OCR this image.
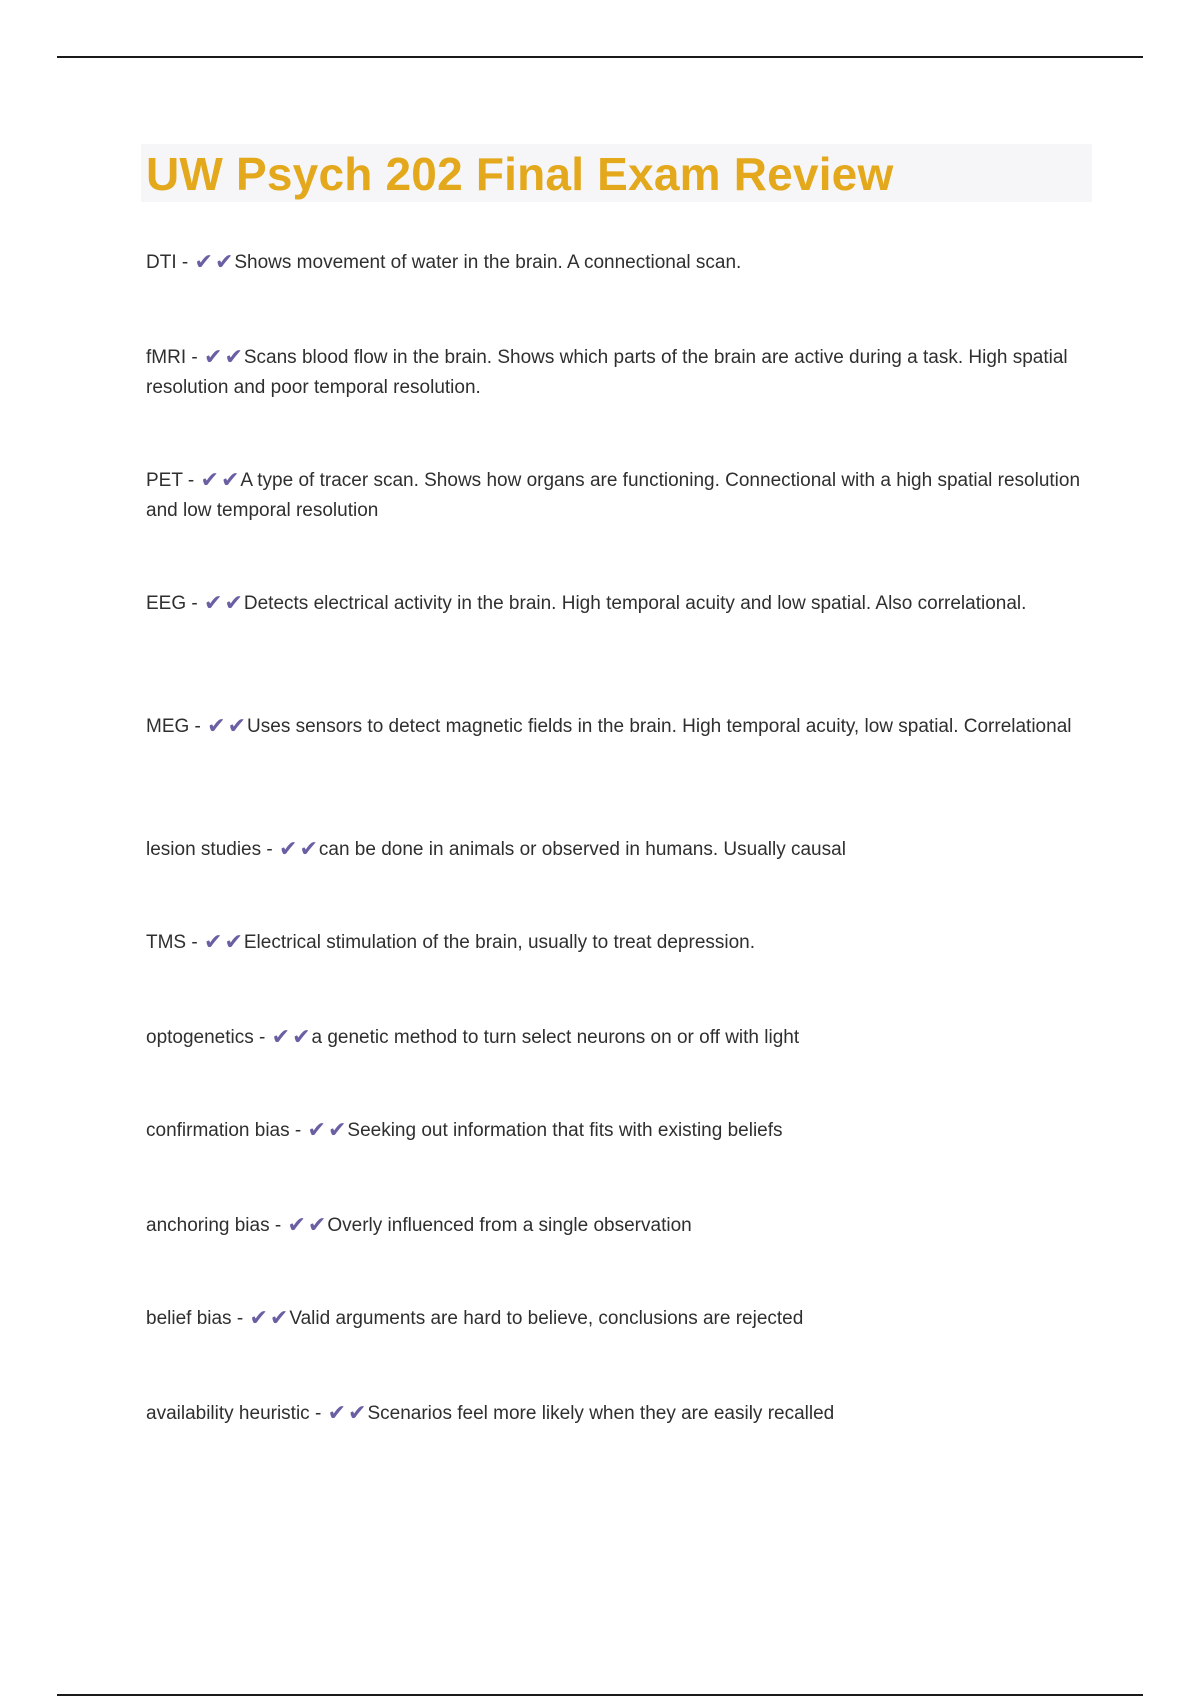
UW Psych 202 Final Exam Review
DTI - ✔✔Shows movement of water in the brain. A connectional scan.
fMRI - ✔✔Scans blood flow in the brain. Shows which parts of the brain are active during a task. High spatial resolution and poor temporal resolution.
PET - ✔✔A type of tracer scan. Shows how organs are functioning. Connectional with a high spatial resolution and low temporal resolution
EEG - ✔✔Detects electrical activity in the brain. High temporal acuity and low spatial. Also correlational.
MEG - ✔✔Uses sensors to detect magnetic fields in the brain. High temporal acuity, low spatial. Correlational
lesion studies - ✔✔can be done in animals or observed in humans. Usually causal
TMS - ✔✔Electrical stimulation of the brain, usually to treat depression.
optogenetics - ✔✔a genetic method to turn select neurons on or off with light
confirmation bias - ✔✔Seeking out information that fits with existing beliefs
anchoring bias - ✔✔Overly influenced from a single observation
belief bias - ✔✔Valid arguments are hard to believe, conclusions are rejected
availability heuristic - ✔✔Scenarios feel more likely when they are easily recalled
